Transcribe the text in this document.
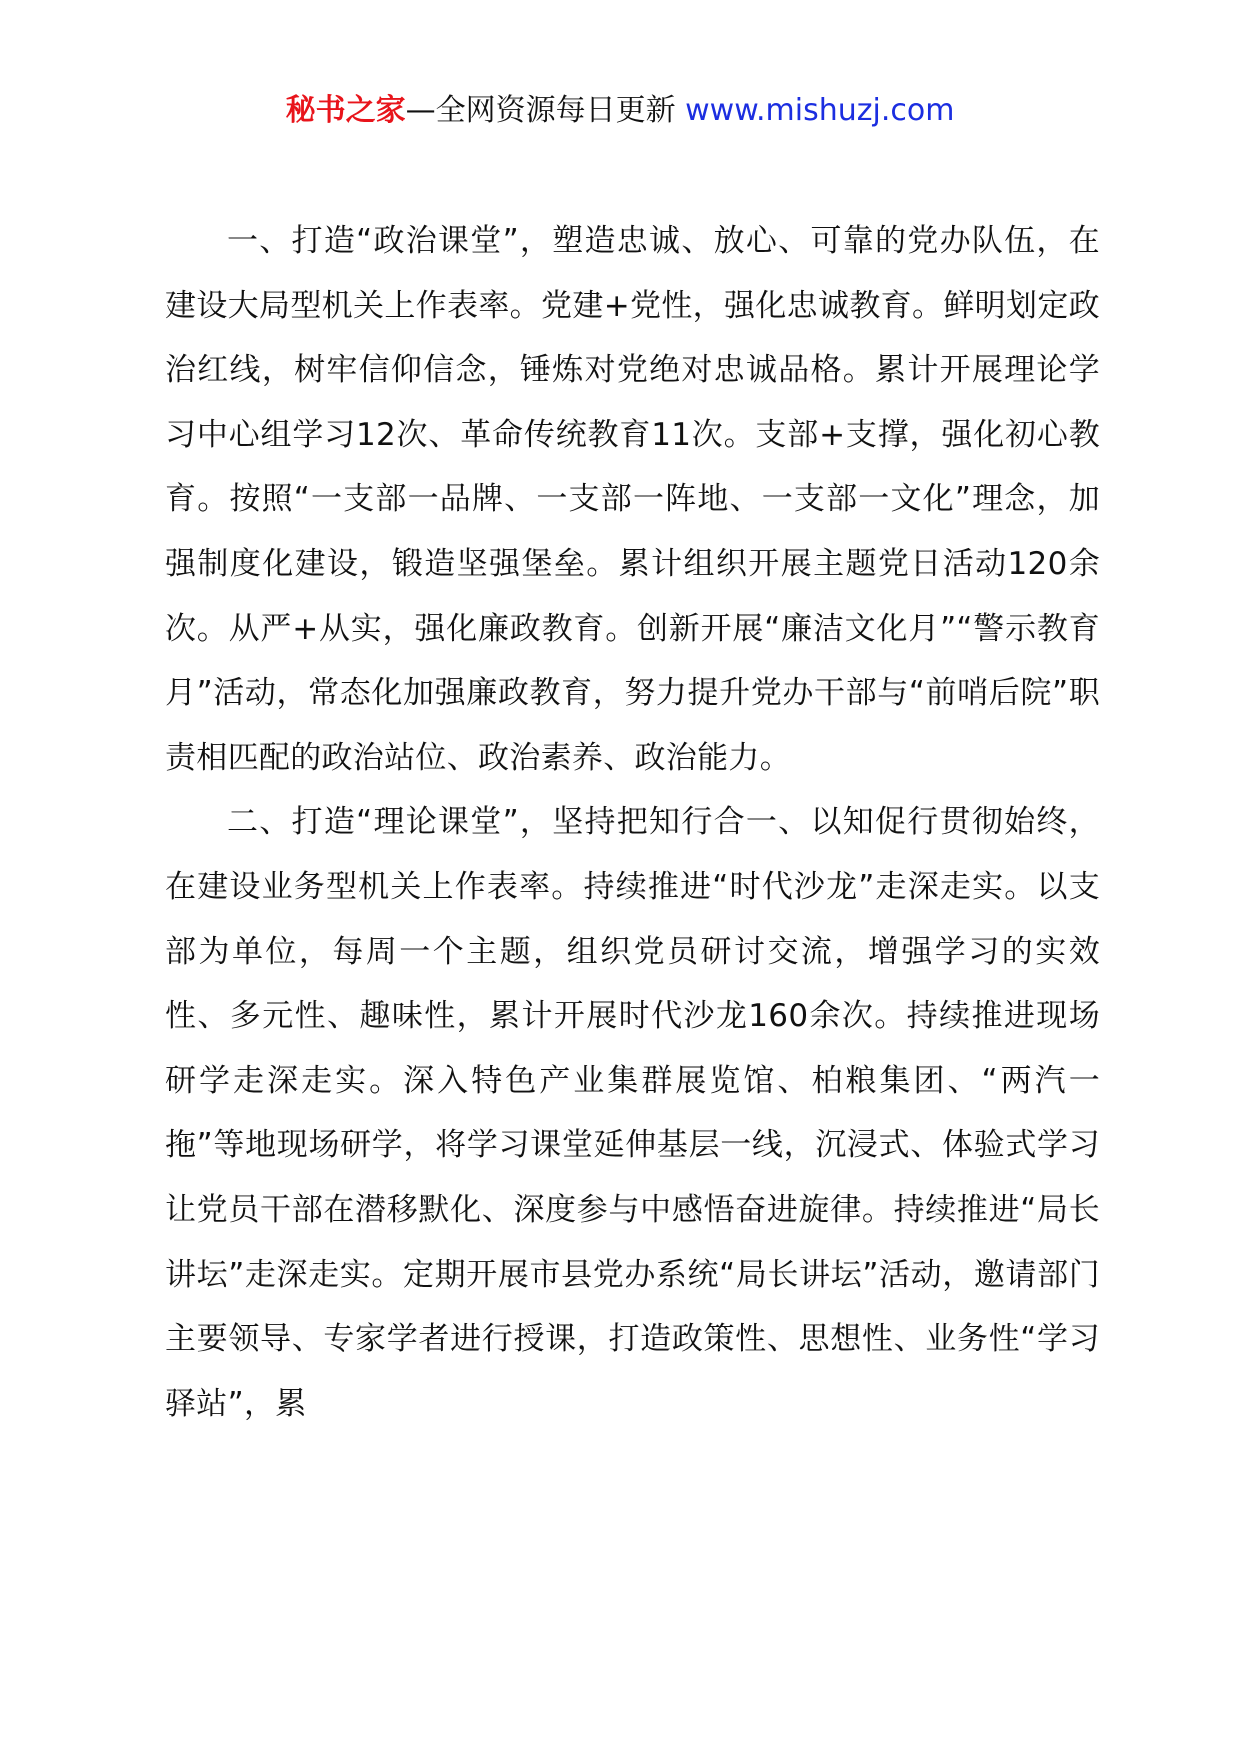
秘书之家—全网资源每日更新 www.mishuzj.com

一、打造“政治课堂”，塑造忠诚、放心、可靠的党办队伍，在建设大局型机关上作表率。党建+党性，强化忠诚教育。鲜明划定政治红线，树牢信仰信念，锤炼对党绝对忠诚品格。累计开展理论学习中心组学习12次、革命传统教育11次。支部+支撑，强化初心教育。按照“一支部一品牌、一支部一阵地、一支部一文化”理念，加强制度化建设，锻造坚强堡垒。累计组织开展主题党日活动120余次。从严+从实，强化廉政教育。创新开展“廉洁文化月”“警示教育月”活动，常态化加强廉政教育，努力提升党办干部与“前哨后院”职责相匹配的政治站位、政治素养、政治能力。

二、打造“理论课堂”，坚持把知行合一、以知促行贯彻始终，在建设业务型机关上作表率。持续推进“时代沙龙”走深走实。以支部为单位，每周一个主题，组织党员研讨交流，增强学习的实效性、多元性、趣味性，累计开展时代沙龙160余次。持续推进现场研学走深走实。深入特色产业集群展览馆、柏粮集团、“两汽一拖”等地现场研学，将学习课堂延伸基层一线，沉浸式、体验式学习让党员干部在潜移默化、深度参与中感悟奋进旋律。持续推进“局长讲坛”走深走实。定期开展市县党办系统“局长讲坛”活动，邀请部门主要领导、专家学者进行授课，打造政策性、思想性、业务性“学习驿站”，累
